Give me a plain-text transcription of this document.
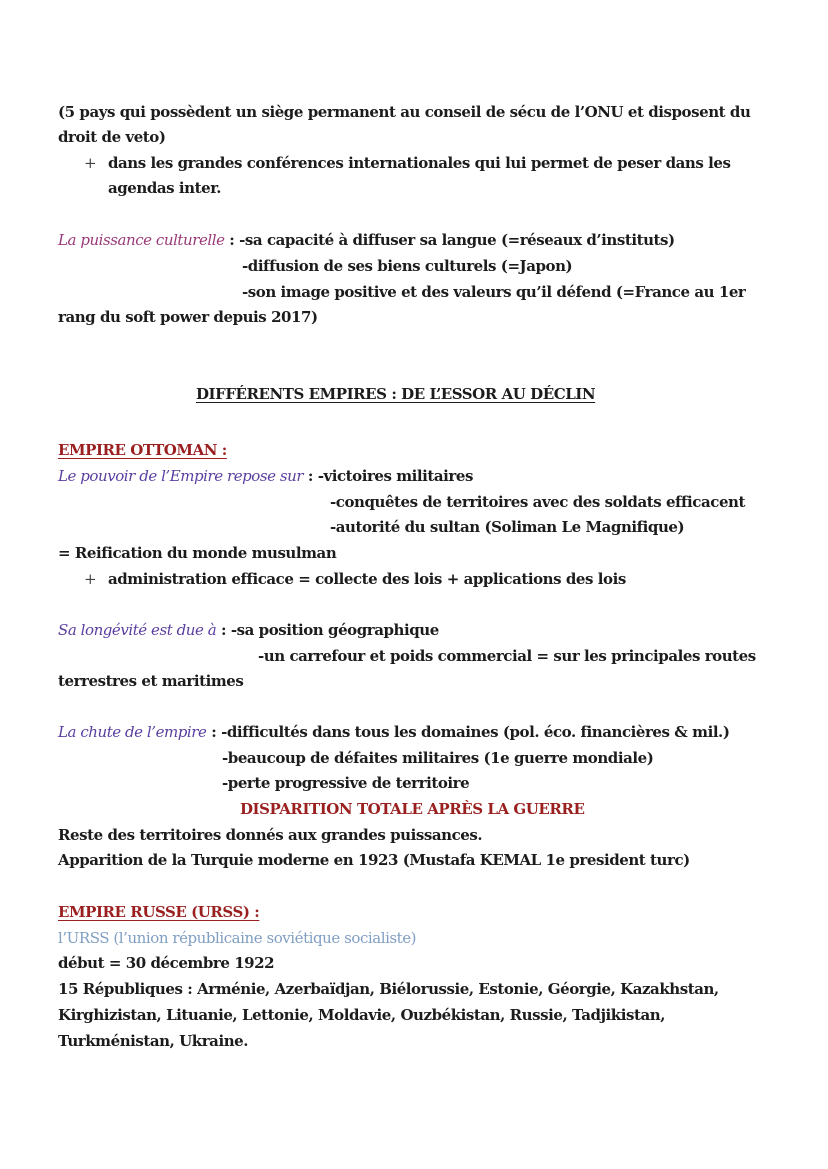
(5 pays qui possèdent un siège permanent au conseil de sécu de l’ONU et disposent du
droit de veto)
+ dans les grandes conférences internationales qui lui permet de peser dans les
agendas inter.
La puissance culturelle : -sa capacité à diffuser sa langue (=réseaux d’instituts)
-diffusion de ses biens culturels (=Japon)
-son image positive et des valeurs qu’il défend (=France au 1er
rang du soft power depuis 2017)
DIFFÉRENTS EMPIRES : DE L’ESSOR AU DÉCLIN
EMPIRE OTTOMAN :
Le pouvoir de l’Empire repose sur : -victoires militaires
-conquêtes de territoires avec des soldats efficacent
-autorité du sultan (Soliman Le Magnifique)
= Reification du monde musulman
+ administration efficace = collecte des lois + applications des lois
Sa longévité est due à : -sa position géographique
-un carrefour et poids commercial = sur les principales routes
terrestres et maritimes
La chute de l’empire : -difficultés dans tous les domaines (pol. éco. financières & mil.)
-beaucoup de défaites militaires (1e guerre mondiale)
-perte progressive de territoire
DISPARITION TOTALE APRÈS LA GUERRE
Reste des territoires donnés aux grandes puissances.
Apparition de la Turquie moderne en 1923 (Mustafa KEMAL 1e president turc)
EMPIRE RUSSE (URSS) :
l’URSS (l’union républicaine soviétique socialiste)
début = 30 décembre 1922
15 Républiques : Arménie, Azerbaïdjan, Biélorussie, Estonie, Géorgie, Kazakhstan,
Kirghizistan, Lituanie, Lettonie, Moldavie, Ouzbékistan, Russie, Tadjikistan,
Turkménistan, Ukraine.
